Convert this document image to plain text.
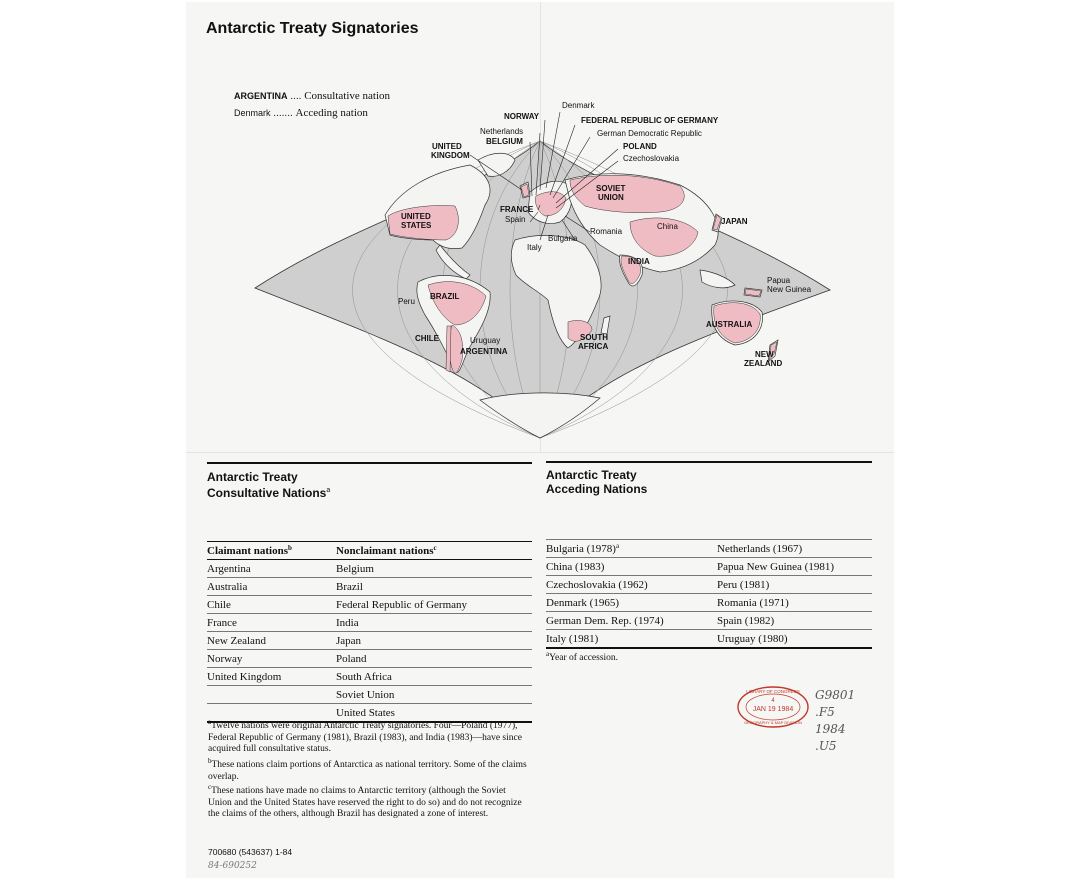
Antarctic Treaty Signatories
ARGENTINA .... Consultative nation
Denmark ....... Acceding nation
UNITED
KINGDOM
Netherlands
BELGIUM
NORWAY
Denmark
FEDERAL REPUBLIC OF GERMANY
German Democratic Republic
POLAND
Czechoslovakia
SOVIET
UNION
UNITED
STATES
FRANCE
Spain
Italy
Bulgaria
Romania
China
JAPAN
INDIA
Papua
New Guinea
BRAZIL
Peru
CHILE	Uruguay
ARGENTINA
SOUTH
AFRICA
AUSTRALIA
NEW
ZEALAND
Antarctic Treaty
Consultative Nations$^a$
Claimant nations$^b$	Nonclaimant nations$^c$
Argentina	Belgium
Australia	Brazil
Chile	Federal Republic of Germany
France	India
New Zealand	Japan
Norway	Poland
United Kingdom	South Africa
	Soviet Union
	United States
$^a$Twelve nations were original Antarctic Treaty signatories. Four—Poland (1977), Federal Republic of Germany (1981), Brazil (1983), and India (1983)—have since acquired full consultative status.
$^b$These nations claim portions of Antarctica as national territory. Some of the claims overlap.
$^c$These nations have made no claims to Antarctic territory (although the Soviet Union and the United States have reserved the right to do so) and do not recognize the claims of the others, although Brazil has designated a zone of interest.
Antarctic Treaty
Acceding Nations
Bulgaria (1978)$^a$	Netherlands (1967)
China (1983)	Papua New Guinea (1981)
Czechoslovakia (1962)	Peru (1981)
Denmark (1965)	Romania (1971)
German Dem. Rep. (1974)	Spain (1982)
Italy (1981)	Uruguay (1980)
$^a$Year of accession.
LIBRARY OF CONGRESS
4
JAN 19 1984
GEOGRAPHY & MAP DIVISION
G9801
.F5
1984
.U5
700680 (543637) 1-84
84-690252
